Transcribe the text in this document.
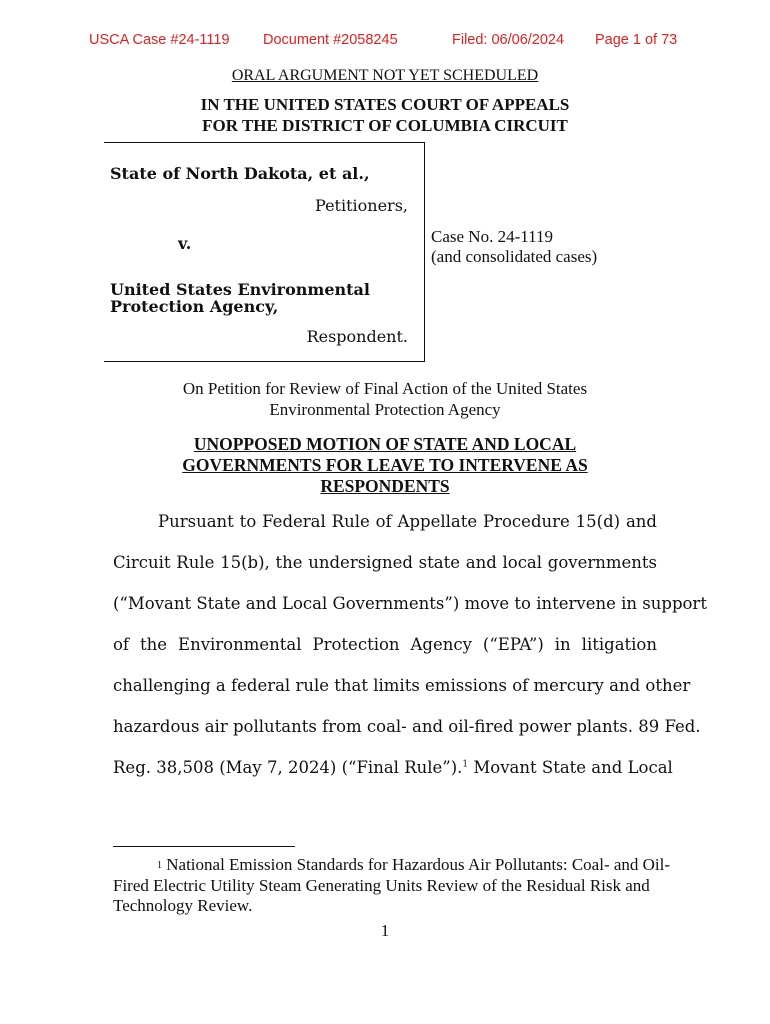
USCA Case #24-1119 Document #2058245	Filed: 06/06/2024 Page 1 of 73
ORAL ARGUMENT NOT YET SCHEDULED
IN THE UNITED STATES COURT OF APPEALS
FOR THE DISTRICT OF COLUMBIA CIRCUIT
State of North Dakota, et al.,
Petitioners,
v.
United States Environmental
Protection Agency,
Respondent.
Case No. 24-1119
(and consolidated cases)
On Petition for Review of Final Action of the United States
Environmental Protection Agency
UNOPPOSED MOTION OF STATE AND LOCAL
GOVERNMENTS FOR LEAVE TO INTERVENE AS
RESPONDENTS
Pursuant to Federal Rule of Appellate Procedure 15(d) and
Circuit Rule 15(b), the undersigned state and local governments
(“Movant State and Local Governments”) move to intervene in support
of the Environmental Protection Agency (“EPA”) in litigation
challenging a federal rule that limits emissions of mercury and other
hazardous air pollutants from coal- and oil-fired power plants. 89 Fed.
Reg. 38,508 (May 7, 2024) (“Final Rule”).$^1$ Movant State and Local
$^1$ National Emission Standards for Hazardous Air Pollutants: Coal- and Oil-Fired Electric Utility Steam Generating Units Review of the Residual Risk and Technology Review.
1
